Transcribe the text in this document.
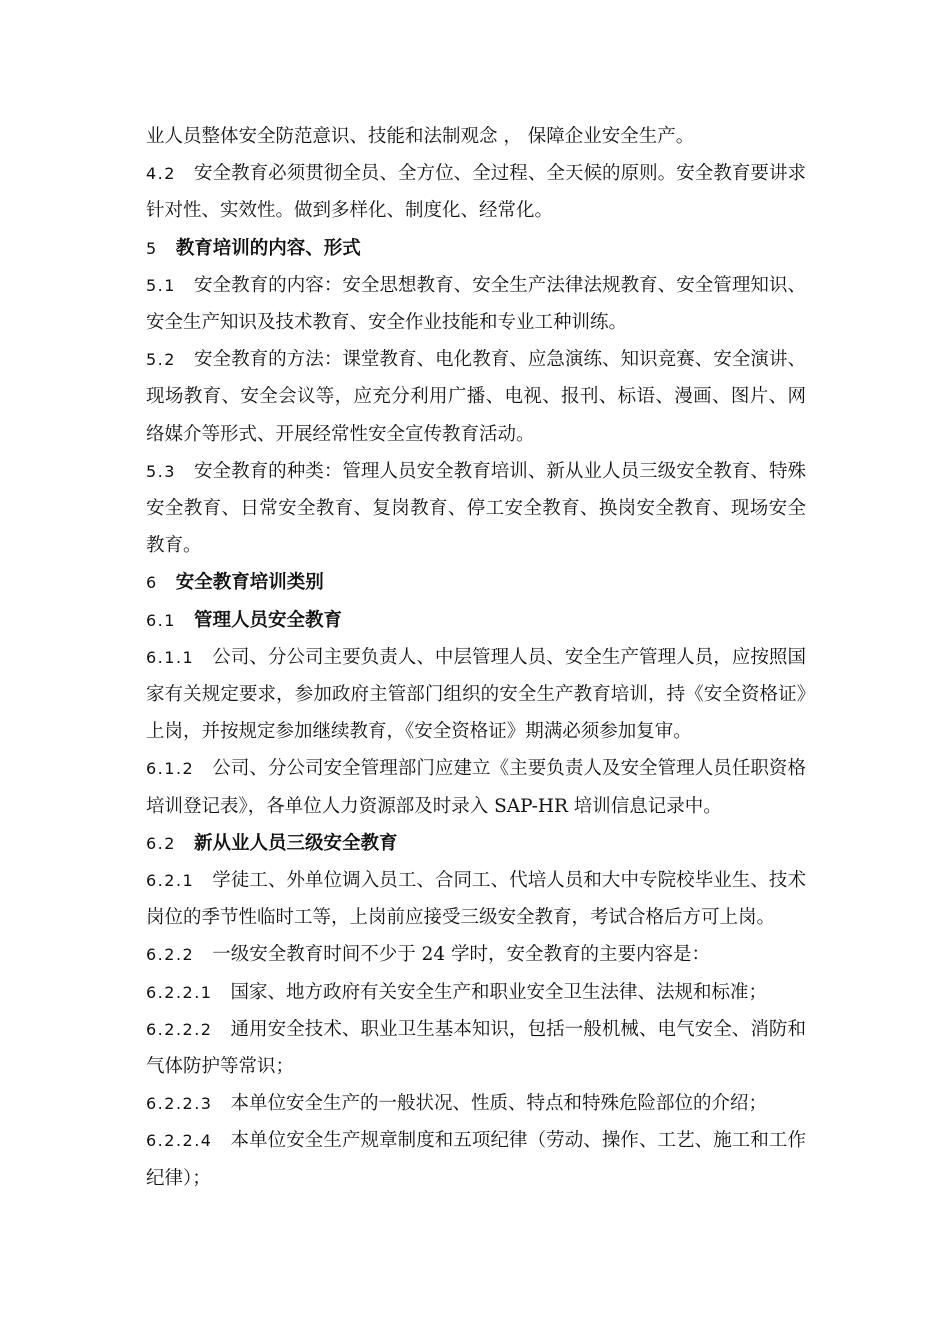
业人员整体安全防范意识、技能和法制观念 ， 保障企业安全生产。

4.2 安全教育必须贯彻全员、全方位、全过程、全天候的原则。安全教育要讲求针对性、实效性。做到多样化、制度化、经常化。

5 教育培训的内容、形式

5.1 安全教育的内容：安全思想教育、安全生产法律法规教育、安全管理知识、安全生产知识及技术教育、安全作业技能和专业工种训练。

5.2 安全教育的方法：课堂教育、电化教育、应急演练、知识竞赛、安全演讲、现场教育、安全会议等，应充分利用广播、电视、报刊、标语、漫画、图片、网络媒介等形式、开展经常性安全宣传教育活动。

5.3 安全教育的种类：管理人员安全教育培训、新从业人员三级安全教育、特殊安全教育、日常安全教育、复岗教育、停工安全教育、换岗安全教育、现场安全教育。

6 安全教育培训类别

6.1 管理人员安全教育

6.1.1 公司、分公司主要负责人、中层管理人员、安全生产管理人员，应按照国家有关规定要求，参加政府主管部门组织的安全生产教育培训，持《安全资格证》上岗，并按规定参加继续教育，《安全资格证》期满必须参加复审。

6.1.2 公司、分公司安全管理部门应建立《主要负责人及安全管理人员任职资格培训登记表》，各单位人力资源部及时录入 SAP-HR 培训信息记录中。

6.2 新从业人员三级安全教育

6.2.1 学徒工、外单位调入员工、合同工、代培人员和大中专院校毕业生、技术岗位的季节性临时工等，上岗前应接受三级安全教育，考试合格后方可上岗。

6.2.2 一级安全教育时间不少于 24 学时，安全教育的主要内容是：

6.2.2.1 国家、地方政府有关安全生产和职业安全卫生法律、法规和标准；

6.2.2.2 通用安全技术、职业卫生基本知识，包括一般机械、电气安全、消防和气体防护等常识；

6.2.2.3 本单位安全生产的一般状况、性质、特点和特殊危险部位的介绍；

6.2.2.4 本单位安全生产规章制度和五项纪律（劳动、操作、工艺、施工和工作纪律）；
